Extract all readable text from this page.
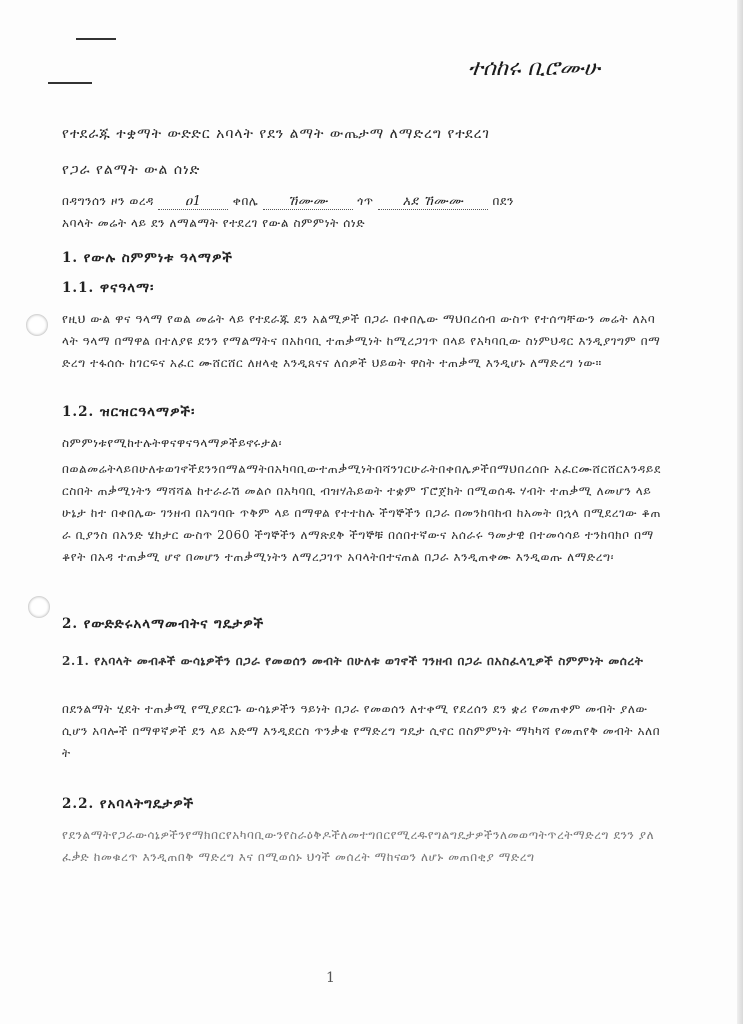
ተሰከሩ ቢሮሙሁ
የተደራጁ ተቋማት ውድድር አባላት የደን ልማት ውጤታማ ለማድረግ የተደረገ
የጋራ የልማት ውል ሰነድ
በዳግንሰን ዞን ወረዳ ዐ1	ቀበሌ ኸሙሙ ጎጥ አደ ኸሙሙ በደን
አባላት መሬት ላይ ደን ለማልማት የተደረገ የውል ስምምነት ሰነድ
1. የውሉ ስምምነቱ ዓላማዎች
1.1. ዋናዓላማ፡
የዚህ ውል ዋና ዓላማ የወል መሬት ላይ የተደራጁ ደን አልሚዎች በጋራ በቀበሌው ማህበረሰብ ውስጥ የተሰጣቸውን መሬት ለአባላት ዓላማ በማዋል በተለያዩ ደንን የማልማትና በአከባቢ ተጠቃሚነት ከሚረጋገጥ በላይ የአካባቢው ስነምህዳር እንዲያገግም በማድረግ ተፋሰሱ ከገርፍና አፈር ሙሸርሸር ለዘላቂ እንዲጸናና ለሰዎች ህይወት ዋስት ተጠቃሚ እንዲሆኑ ለማድረግ ነው።
1.2. ዝርዝርዓላማዎች፡
ስምምነቱየሚከተሉትዋናዋናዓላማዎችይኖሩታል፡
በወልመሬትላይበሁለቱወገኖችደንንበማልማትበአካባቢውተጠቃሚነትበሻንገርሁራትበቀበሌዎችበማህበረሰቡ አፈርሙሸርሸርእንዳይደርስበት ጠቃሚነትን ማሻሻል ከተራራሽ መልሶ በአካባቢ ብዝሃሕይወት ተቋም ፕሮጀክት በሚወሰዱ ሃብት ተጠቃሚ ለመሆን ላይ ሁኔታ ከተ በቀበሌው ገንዘብ በአግባቡ ጥቅም ላይ በማዋል የተተከሉ ችግኞችን በጋራ በመንከባከብ ከአመት በኋላ በሚደረገው ቆጠራ ቢያንስ በአንድ ሄክታር ውስጥ 2060 ችግኞችን ለማጽደቅ ችግኞቹ በሰበተኛውና አሰራሩ ዓመታዊ በተመሳሳይ ተንከባክቦ በማቆየት በአዳ ተጠቃሚ ሆኖ በመሆን ተጠቃሚነትን ለማረጋገጥ አባላትበተናጠል በጋራ እንዲጠቀሙ እንዲወጡ ለማድረግ፡
2. የውድድሩአላማመብትና ግዴታዎች
2.1. የአባላት መብቶች ውሳኔዎችን በጋራ የመወሰን መብት በሁለቱ ወገኖች ገንዘብ በጋራ በአስፈላጊዎች ስምምነት መሰረት
በደንልማት ሂደት ተጠቃሚ የሚያደርጉ ውሳኔዎችን ዓይነት በጋራ የመወሰን ለተቀሚ የደረሰን ደን ቋሪ የመጠቀም መብት ያለው ሲሆን አባሎች በማዋኛዎች ደን ላይ አድማ እንዲደርስ ጥንቃቄ የማድረግ ግዴታ ሲኖር በስምምነት ማካካሻ የመጠየቅ መብት አለበት
2.2. የአባላትግዴታዎች
የደንልማትየጋራውሳኔዎችንየማክበርየአካባቢውንየስራዕቅዶችለመተግበርየሚረዱየግልግዴታዎችንለመወጣትጥረትማድረግ ደንን ያለ ፈቃድ ከመቁረጥ እንዲጠበቅ ማድረግ እና በሚወሰኑ ህጎች መሰረት ማከናወን ለሆኑ መጠበቂያ ማድረግ
1
